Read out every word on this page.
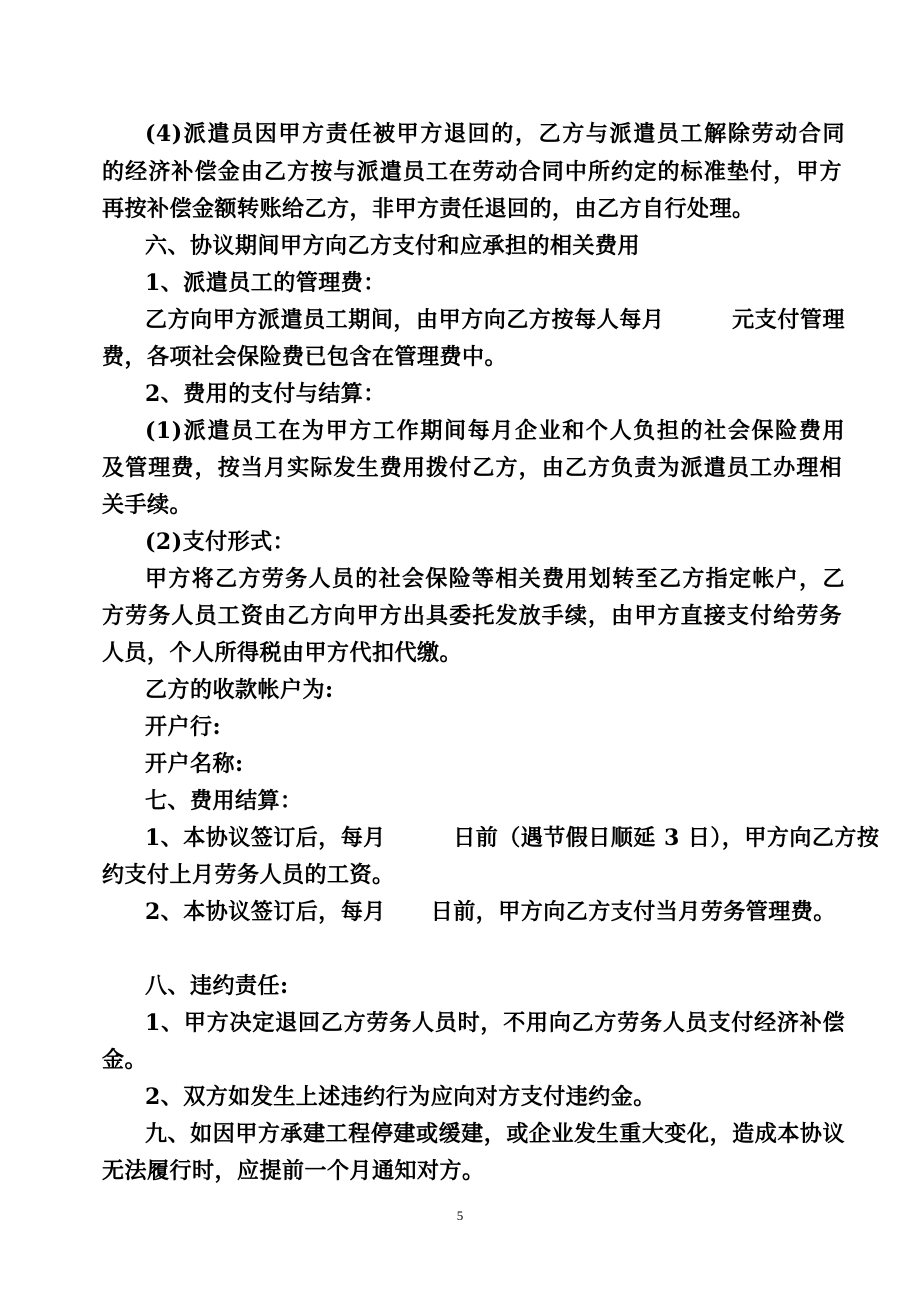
(4)派遣员因甲方责任被甲方退回的，乙方与派遣员工解除劳动合同
的经济补偿金由乙方按与派遣员工在劳动合同中所约定的标准垫付，甲方
再按补偿金额转账给乙方，非甲方责任退回的，由乙方自行处理。
六、协议期间甲方向乙方支付和应承担的相关费用
1、派遣员工的管理费：
乙方向甲方派遣员工期间，由甲方向乙方按每人每月　　　元支付管理
费，各项社会保险费已包含在管理费中。
2、费用的支付与结算：
(1)派遣员工在为甲方工作期间每月企业和个人负担的社会保险费用
及管理费，按当月实际发生费用拨付乙方，由乙方负责为派遣员工办理相
关手续。
(2)支付形式：
甲方将乙方劳务人员的社会保险等相关费用划转至乙方指定帐户，乙
方劳务人员工资由乙方向甲方出具委托发放手续，由甲方直接支付给劳务
人员，个人所得税由甲方代扣代缴。
乙方的收款帐户为:
开户行:
开户名称:
七、费用结算：
1、本协议签订后，每月　　　日前（遇节假日顺延 3 日），甲方向乙方按
约支付上月劳务人员的工资。
2、本协议签订后，每月　　日前，甲方向乙方支付当月劳务管理费。
八、违约责任:
1、甲方决定退回乙方劳务人员时，不用向乙方劳务人员支付经济补偿
金。
2、双方如发生上述违约行为应向对方支付违约金。
九、如因甲方承建工程停建或缓建，或企业发生重大变化，造成本协议
无法履行时，应提前一个月通知对方。
5
